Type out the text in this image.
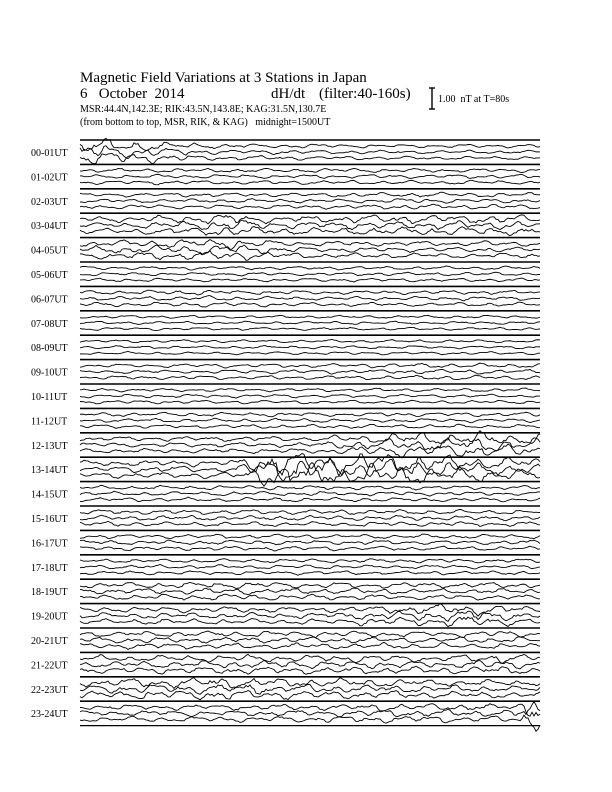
Magnetic Field Variations at 3 Stations in Japan
6   October  2014	dH/dt (filter:40-160s)
MSR:44.4N,142.3E; RIK:43.5N,143.8E; KAG:31.5N,130.7E
(from bottom to top, MSR, RIK, & KAG)   midnight=1500UT
1.00  nT at T=80s
00-01UT
01-02UT
02-03UT
03-04UT
04-05UT
05-06UT
06-07UT
07-08UT
08-09UT
09-10UT
10-11UT
11-12UT
12-13UT
13-14UT
14-15UT
15-16UT
16-17UT
17-18UT
18-19UT
19-20UT
20-21UT
21-22UT
22-23UT
23-24UT
